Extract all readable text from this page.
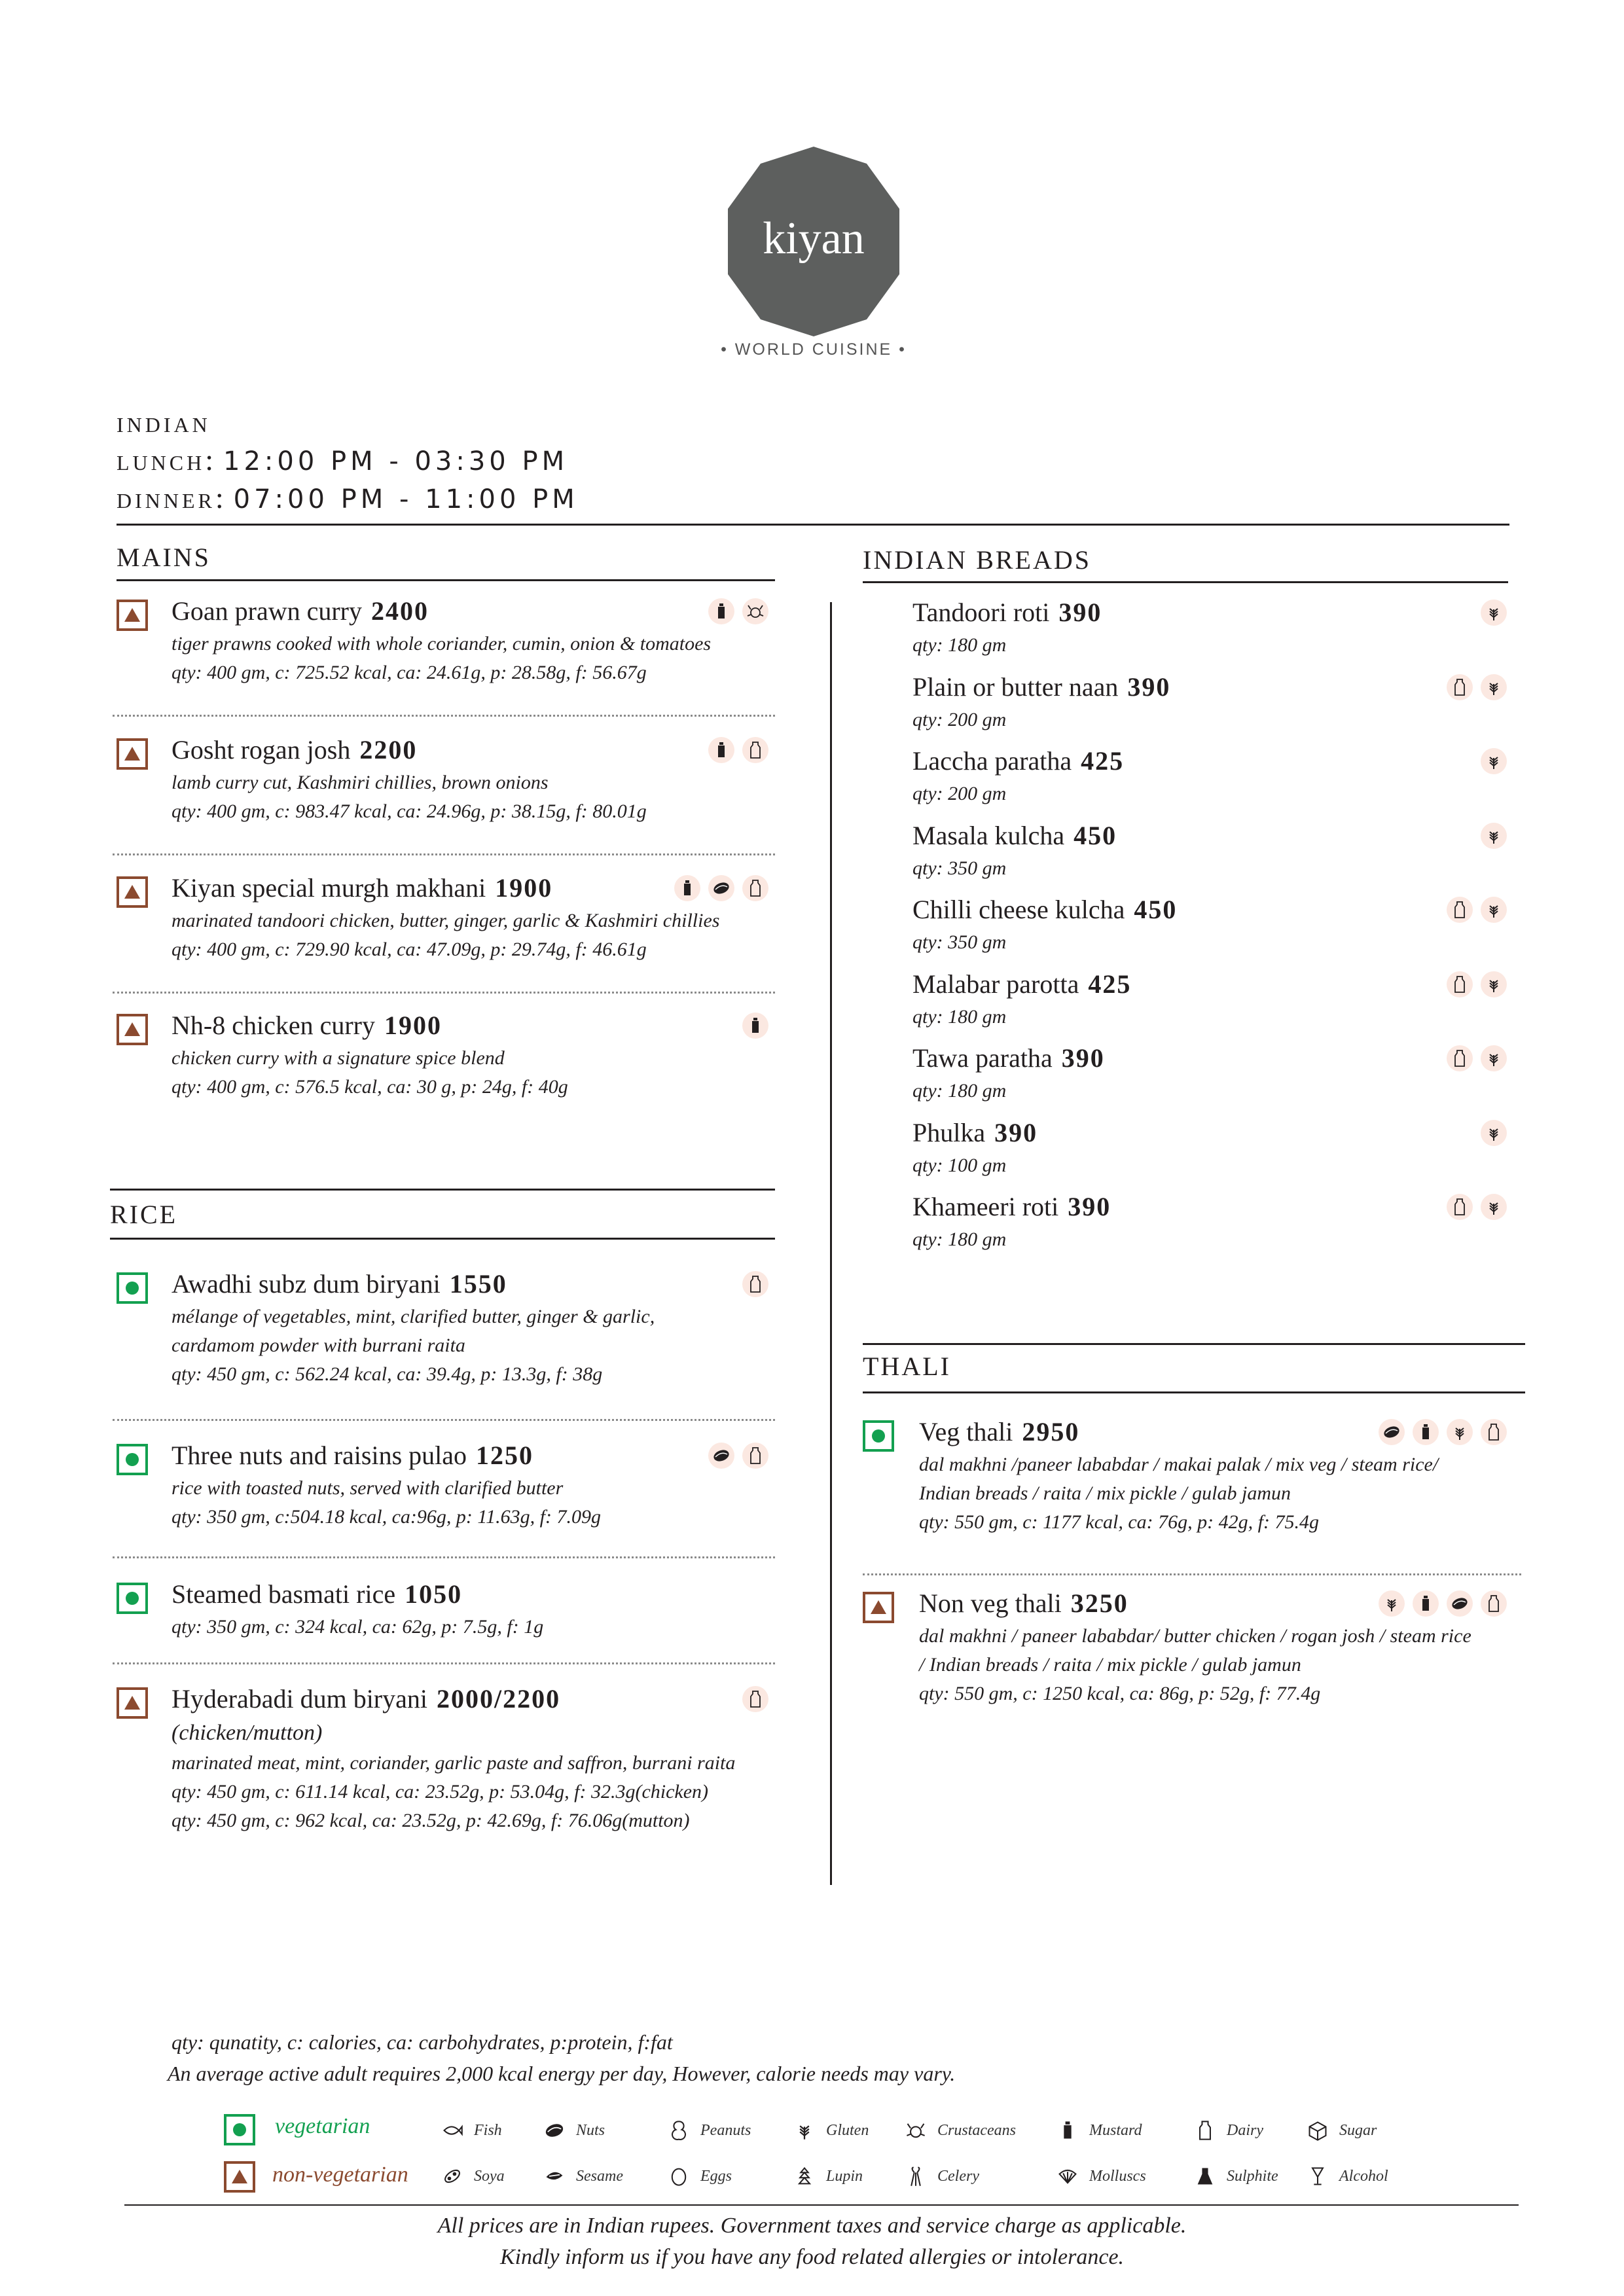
kiyan
• WORLD CUISINE •
indian
lunch: 12:00 PM - 03:30 PM
dinner: 07:00 PM - 11:00 PM
MAINS	INDIAN BREADS
Goan prawn curry 2400
tiger prawns cooked with whole coriander, cumin, onion & tomatoes
qty: 400 gm, c: 725.52 kcal, ca: 24.61g, p: 28.58g, f: 56.67g
Gosht rogan josh 2200
lamb curry cut, Kashmiri chillies, brown onions
qty: 400 gm, c: 983.47 kcal, ca: 24.96g, p: 38.15g, f: 80.01g
Kiyan special murgh makhani 1900
marinated tandoori chicken, butter, ginger, garlic & Kashmiri chillies
qty: 400 gm, c: 729.90 kcal, ca: 47.09g, p: 29.74g, f: 46.61g
Nh-8 chicken curry 1900
chicken curry with a signature spice blend
qty: 400 gm, c: 576.5 kcal, ca: 30 g, p: 24g, f: 40g
RICE
Awadhi subz dum biryani 1550
mélange of vegetables, mint, clarified butter, ginger & garlic,
cardamom powder with burrani raita
qty: 450 gm, c: 562.24 kcal, ca: 39.4g, p: 13.3g, f: 38g
Three nuts and raisins pulao 1250
rice with toasted nuts, served with clarified butter
qty: 350 gm, c:504.18 kcal, ca:96g, p: 11.63g, f: 7.09g
Steamed basmati rice 1050
qty: 350 gm, c: 324 kcal, ca: 62g, p: 7.5g, f: 1g
Hyderabadi dum biryani 2000/2200
(chicken/mutton)
marinated meat, mint, coriander, garlic paste and saffron, burrani raita
qty: 450 gm, c: 611.14 kcal, ca: 23.52g, p: 53.04g, f: 32.3g(chicken)
qty: 450 gm, c: 962 kcal, ca: 23.52g, p: 42.69g, f: 76.06g(mutton)
Tandoori roti 390
qty: 180 gm
Plain or butter naan 390
qty: 200 gm
Laccha paratha 425
qty: 200 gm
Masala kulcha 450
qty: 350 gm
Chilli cheese kulcha 450
qty: 350 gm
Malabar parotta 425
qty: 180 gm
Tawa paratha 390
qty: 180 gm
Phulka 390
qty: 100 gm
Khameeri roti 390
qty: 180 gm
THALI
Veg thali 2950
dal makhni /paneer lababdar / makai palak / mix veg / steam rice/
Indian breads / raita / mix pickle / gulab jamun
qty: 550 gm, c: 1177 kcal, ca: 76g, p: 42g, f: 75.4g
Non veg thali 3250
dal makhni / paneer lababdar/ butter chicken / rogan josh / steam rice
/ Indian breads / raita / mix pickle / gulab jamun
qty: 550 gm, c: 1250 kcal, ca: 86g, p: 52g, f: 77.4g
qty: qunatity, c: calories, ca: carbohydrates, p:protein, f:fat
An average active adult requires 2,000 kcal energy per day, However, calorie needs may vary.
vegetarian
non-vegetarian
Fish	Nuts	Peanuts	Gluten	Crustaceans	Mustard	Dairy	Sugar
Soya	Sesame	Eggs	Lupin	Celery	Molluscs	Sulphite	Alcohol
All prices are in Indian rupees. Government taxes and service charge as applicable.
Kindly inform us if you have any food related allergies or intolerance.
